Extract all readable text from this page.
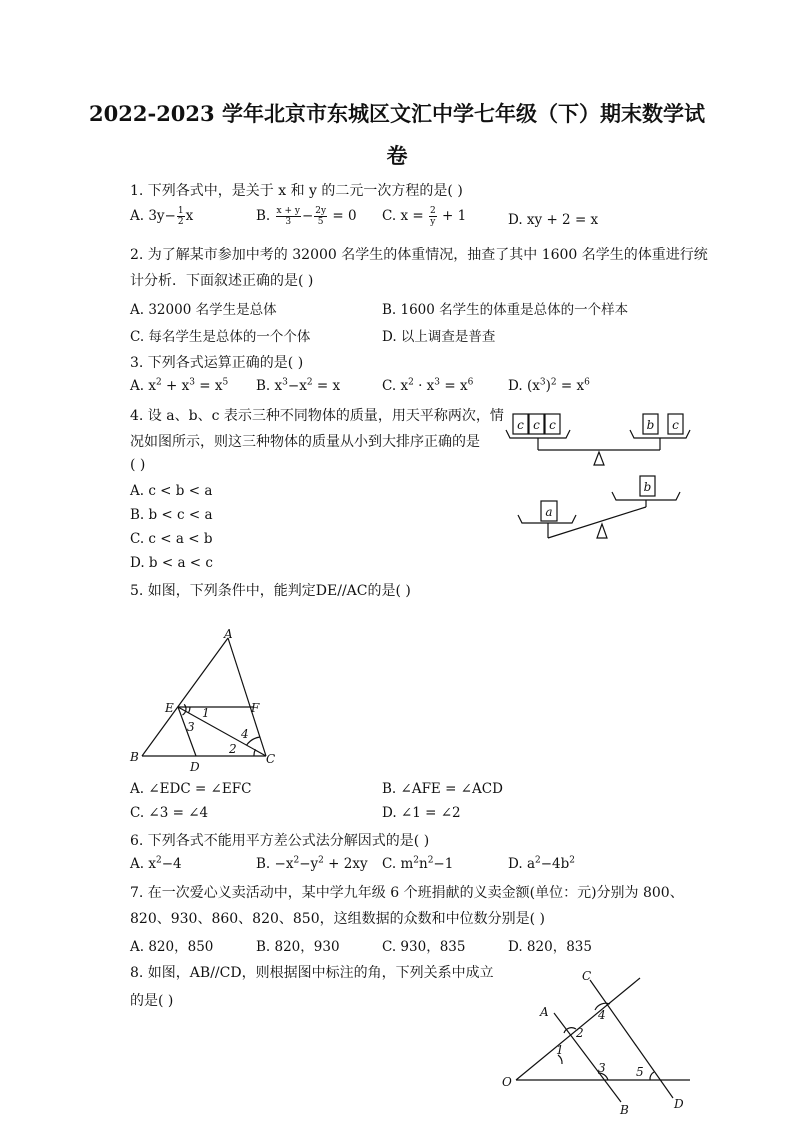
2022-2023 学年北京市东城区文汇中学七年级（下）期末数学试
卷
1. 下列各式中，是关于 x 和 y 的二元一次方程的是( )
A. $3y- \frac{1}{2}$ x	B. $\frac{x + y}{3} - \frac{2y}{5} = 0$ C. $x = \frac{2}{y} + 1$	D. xy + 2 = x
2. 为了解某市参加中考的 32000 名学生的体重情况，抽查了其中 1600 名学生的体重进行统
计分析．下面叙述正确的是( )
A. 32000 名学生是总体	B. 1600 名学生的体重是总体的一个样本
C. 每名学生是总体的一个个体	D. 以上调查是普查
3. 下列各式运算正确的是( )
A. $x^2 + x^3 = x^5$ B. $x^3-x^2 = x$	C. $x^2 \cdot x^3 = x^6$	D. $(x^3)^2 = x^6$
4. 设 a、b、c 表示三种不同物体的质量，用天平称两次，情
况如图所示，则这三种物体的质量从小到大排序正确的是
( )
A. c < b < a
B. b < c < a
C. c < a < b
D. b < a < c
c c c	b c
b
a
5. 如图，下列条件中，能判定DE//AC的是( )
A
B	C
D
E	F
1
2
3	4
A. ∠EDC = ∠EFC	B. ∠AFE = ∠ACD
C. ∠3 = ∠4	D. ∠1 = ∠2
6. 下列各式不能用平方差公式法分解因式的是( )
A. $x^2-4$	B. $-x^2-y^2 + 2xy$ C. $m^2n^2-1$	D. $a^2-4b^2$
7. 在一次爱心义卖活动中，某中学九年级 6 个班捐献的义卖金额(单位：元)分别为 800、
820、930、860、820、850，这组数据的众数和中位数分别是( )
A. 820，850	B. 820，930	C. 930，835	D. 820，835
8. 如图，AB//CD，则根据图中标注的角，下列关系中成立
的是( )
O
A
B
C
D
1
2
3
4
5
